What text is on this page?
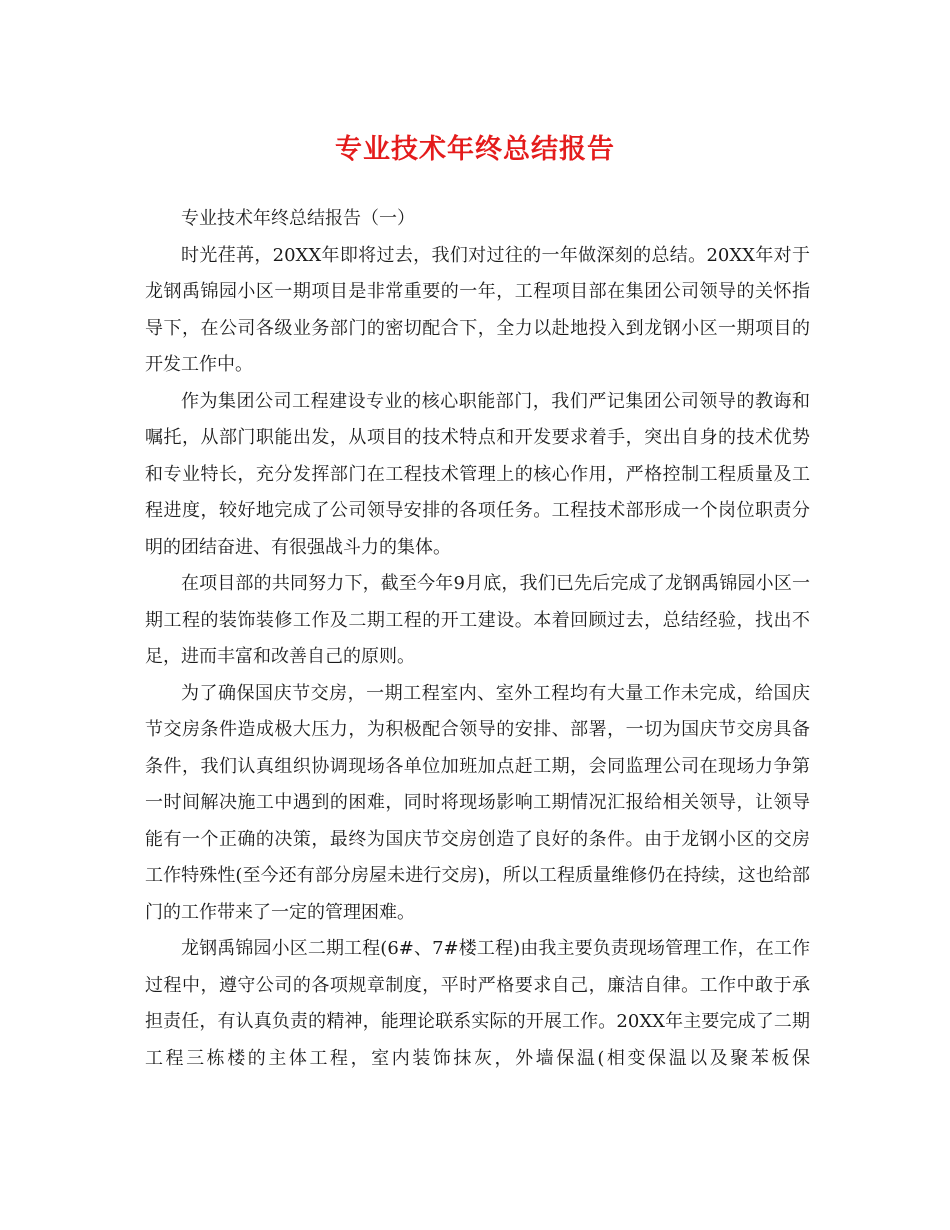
专业技术年终总结报告

专业技术年终总结报告（一）

时光荏苒，20XX年即将过去，我们对过往的一年做深刻的总结。20XX年对于龙钢禹锦园小区一期项目是非常重要的一年，工程项目部在集团公司领导的关怀指导下，在公司各级业务部门的密切配合下，全力以赴地投入到龙钢小区一期项目的开发工作中。

作为集团公司工程建设专业的核心职能部门，我们严记集团公司领导的教诲和嘱托，从部门职能出发，从项目的技术特点和开发要求着手，突出自身的技术优势和专业特长，充分发挥部门在工程技术管理上的核心作用，严格控制工程质量及工程进度，较好地完成了公司领导安排的各项任务。工程技术部形成一个岗位职责分明的团结奋进、有很强战斗力的集体。

在项目部的共同努力下，截至今年9月底，我们已先后完成了龙钢禹锦园小区一期工程的装饰装修工作及二期工程的开工建设。本着回顾过去，总结经验，找出不足，进而丰富和改善自己的原则。

为了确保国庆节交房，一期工程室内、室外工程均有大量工作未完成，给国庆节交房条件造成极大压力，为积极配合领导的安排、部署，一切为国庆节交房具备条件，我们认真组织协调现场各单位加班加点赶工期，会同监理公司在现场力争第一时间解决施工中遇到的困难，同时将现场影响工期情况汇报给相关领导，让领导能有一个正确的决策，最终为国庆节交房创造了良好的条件。由于龙钢小区的交房工作特殊性(至今还有部分房屋未进行交房)，所以工程质量维修仍在持续，这也给部门的工作带来了一定的管理困难。

龙钢禹锦园小区二期工程(6#、7#楼工程)由我主要负责现场管理工作，在工作过程中，遵守公司的各项规章制度，平时严格要求自己，廉洁自律。工作中敢于承担责任，有认真负责的精神，能理论联系实际的开展工作。20XX年主要完成了二期工程三栋楼的主体工程，室内装饰抹灰，外墙保温(相变保温以及聚苯板保
